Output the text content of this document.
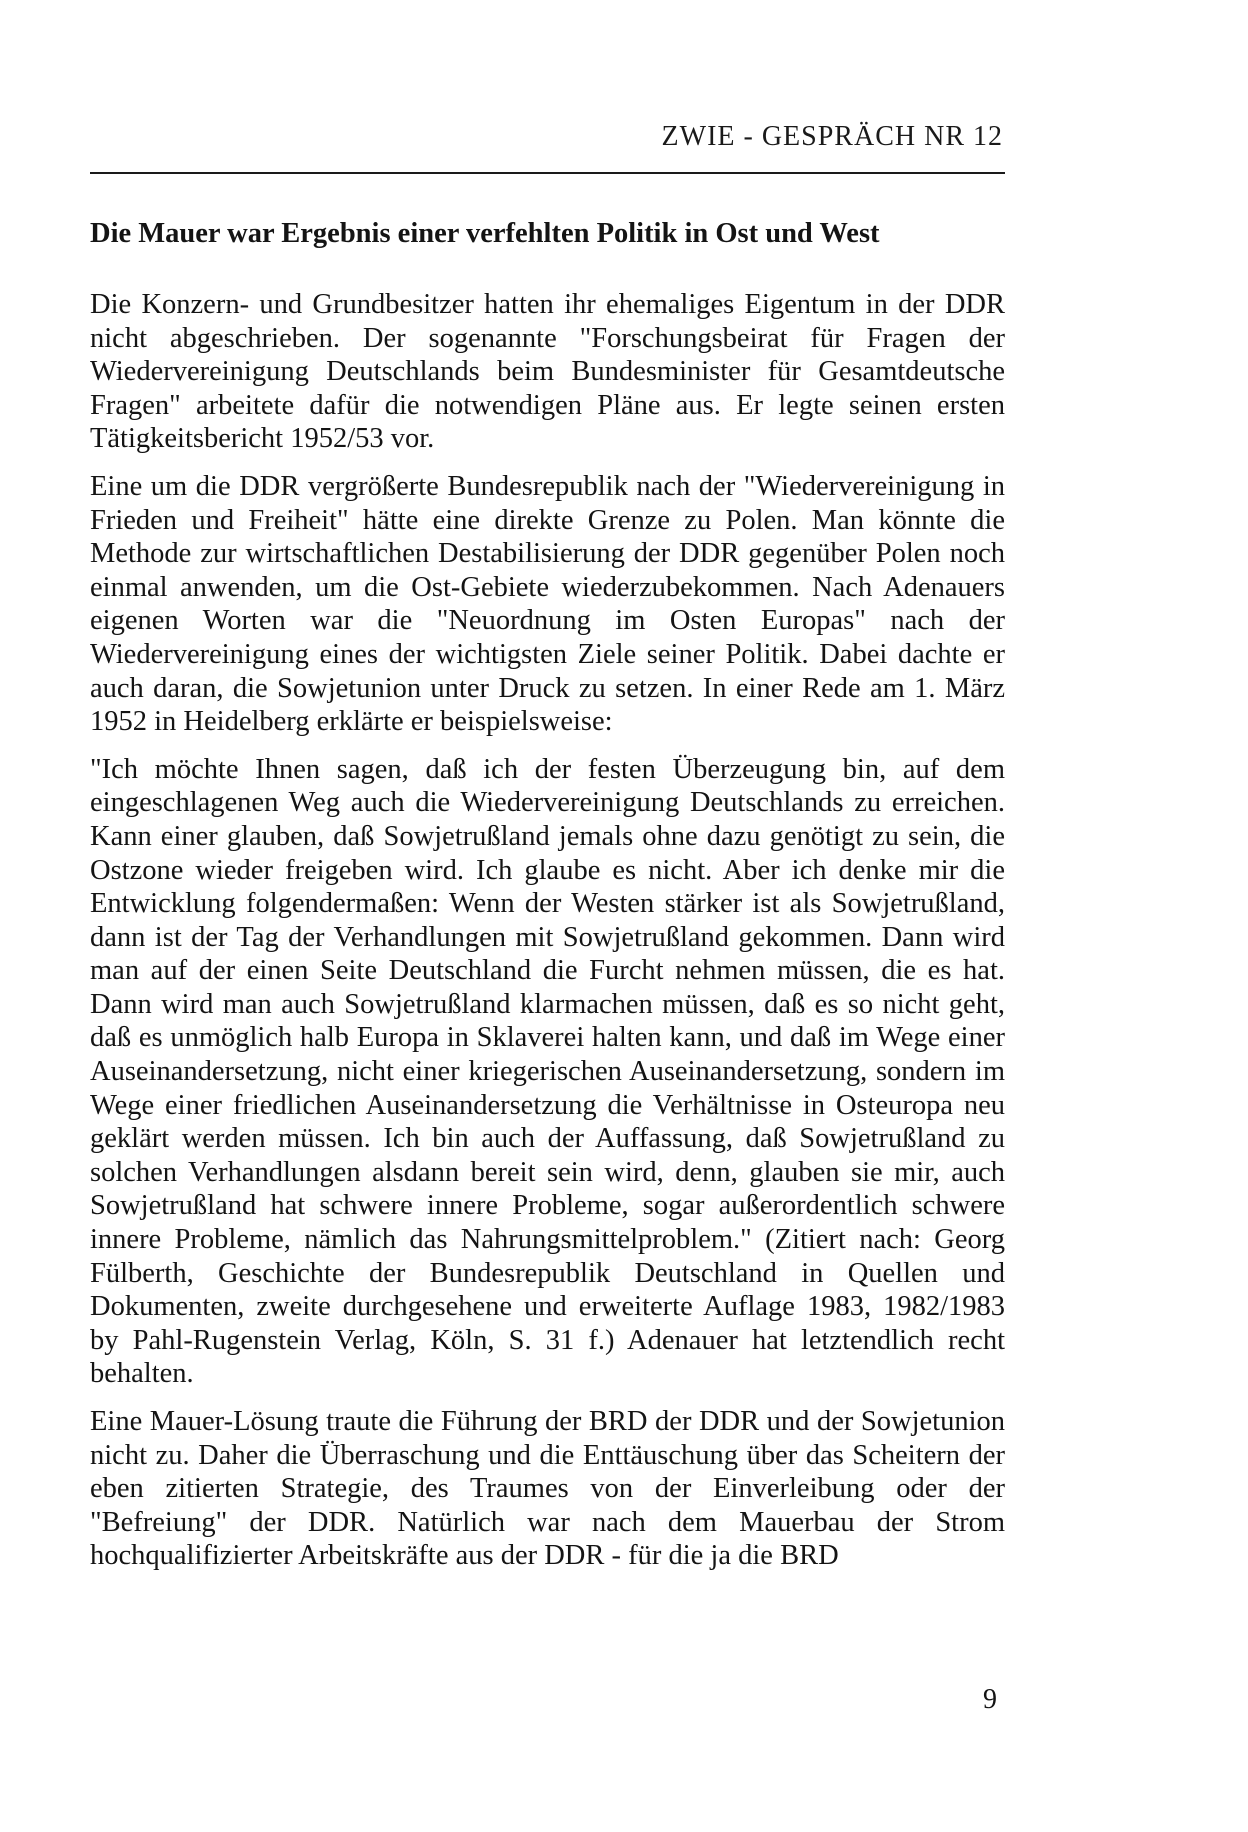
ZWIE - GESPRÄCH NR 12
Die Mauer war Ergebnis einer verfehlten Politik in Ost und West

Die Konzern- und Grundbesitzer hatten ihr ehemaliges Eigentum in der DDR nicht abgeschrieben. Der sogenannte "Forschungsbeirat für Fragen der Wiedervereinigung Deutschlands beim Bundesminister für Gesamtdeutsche Fragen" arbeitete dafür die notwendigen Pläne aus. Er legte seinen ersten Tätigkeitsbericht 1952/53 vor.

Eine um die DDR vergrößerte Bundesrepublik nach der "Wiedervereinigung in Frieden und Freiheit" hätte eine direkte Grenze zu Polen. Man könnte die Methode zur wirtschaftlichen Destabilisierung der DDR gegenüber Polen noch einmal anwenden, um die Ost-Gebiete wiederzubekommen. Nach Adenauers eigenen Worten war die "Neuordnung im Osten Europas" nach der Wiedervereinigung eines der wichtigsten Ziele seiner Politik. Dabei dachte er auch daran, die Sowjetunion unter Druck zu setzen. In einer Rede am 1. März 1952 in Heidelberg erklärte er beispielsweise:

"Ich möchte Ihnen sagen, daß ich der festen Überzeugung bin, auf dem eingeschlagenen Weg auch die Wiedervereinigung Deutschlands zu erreichen. Kann einer glauben, daß Sowjetrußland jemals ohne dazu genötigt zu sein, die Ostzone wieder freigeben wird. Ich glaube es nicht. Aber ich denke mir die Entwicklung folgendermaßen: Wenn der Westen stärker ist als Sowjetrußland, dann ist der Tag der Verhandlungen mit Sowjetrußland gekommen. Dann wird man auf der einen Seite Deutschland die Furcht nehmen müssen, die es hat. Dann wird man auch Sowjetrußland klarmachen müssen, daß es so nicht geht, daß es unmöglich halb Europa in Sklaverei halten kann, und daß im Wege einer Auseinandersetzung, nicht einer kriegerischen Auseinandersetzung, sondern im Wege einer friedlichen Auseinandersetzung die Verhältnisse in Osteuropa neu geklärt werden müssen. Ich bin auch der Auffassung, daß Sowjetrußland zu solchen Verhandlungen alsdann bereit sein wird, denn, glauben sie mir, auch Sowjetrußland hat schwere innere Probleme, sogar außerordentlich schwere innere Probleme, nämlich das Nahrungsmittelproblem." (Zitiert nach: Georg Fülberth, Geschichte der Bundesrepublik Deutschland in Quellen und Dokumenten, zweite durchgesehene und erweiterte Auflage 1983, 1982/1983 by Pahl-Rugenstein Verlag, Köln, S. 31 f.) Adenauer hat letztendlich recht behalten.

Eine Mauer-Lösung traute die Führung der BRD der DDR und der Sowjetunion nicht zu. Daher die Überraschung und die Enttäuschung über das Scheitern der eben zitierten Strategie, des Traumes von der Einverleibung oder der "Befreiung" der DDR. Natürlich war nach dem Mauerbau der Strom hochqualifizierter Arbeitskräfte aus der DDR - für die ja die BRD

9
